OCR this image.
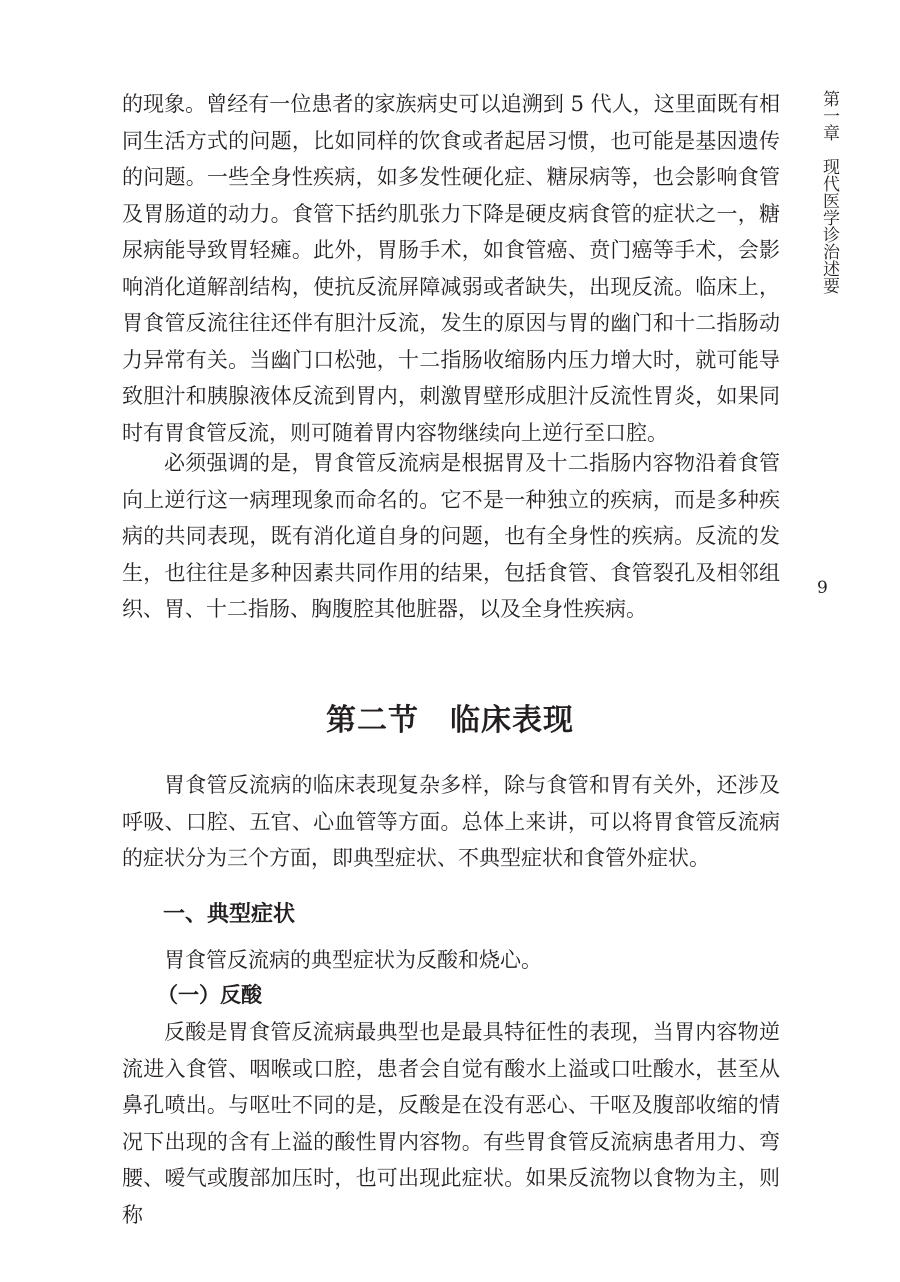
的现象。曾经有一位患者的家族病史可以追溯到 5 代人，这里面既有相同生活方式的问题，比如同样的饮食或者起居习惯，也可能是基因遗传的问题。一些全身性疾病，如多发性硬化症、糖尿病等，也会影响食管及胃肠道的动力。食管下括约肌张力下降是硬皮病食管的症状之一，糖尿病能导致胃轻瘫。此外，胃肠手术，如食管癌、贲门癌等手术，会影响消化道解剖结构，使抗反流屏障减弱或者缺失，出现反流。临床上，胃食管反流往往还伴有胆汁反流，发生的原因与胃的幽门和十二指肠动力异常有关。当幽门口松弛，十二指肠收缩肠内压力增大时，就可能导致胆汁和胰腺液体反流到胃内，刺激胃壁形成胆汁反流性胃炎，如果同时有胃食管反流，则可随着胃内容物继续向上逆行至口腔。

必须强调的是，胃食管反流病是根据胃及十二指肠内容物沿着食管向上逆行这一病理现象而命名的。它不是一种独立的疾病，而是多种疾病的共同表现，既有消化道自身的问题，也有全身性的疾病。反流的发生，也往往是多种因素共同作用的结果，包括食管、食管裂孔及相邻组织、胃、十二指肠、胸腹腔其他脏器，以及全身性疾病。

第二节　临床表现

胃食管反流病的临床表现复杂多样，除与食管和胃有关外，还涉及呼吸、口腔、五官、心血管等方面。总体上来讲，可以将胃食管反流病的症状分为三个方面，即典型症状、不典型症状和食管外症状。

一、典型症状

胃食管反流病的典型症状为反酸和烧心。

（一）反酸

反酸是胃食管反流病最典型也是最具特征性的表现，当胃内容物逆流进入食管、咽喉或口腔，患者会自觉有酸水上溢或口吐酸水，甚至从鼻孔喷出。与呕吐不同的是，反酸是在没有恶心、干呕及腹部收缩的情况下出现的含有上溢的酸性胃内容物。有些胃食管反流病患者用力、弯腰、嗳气或腹部加压时，也可出现此症状。如果反流物以食物为主，则称

第一章　现代医学诊治述要
9
